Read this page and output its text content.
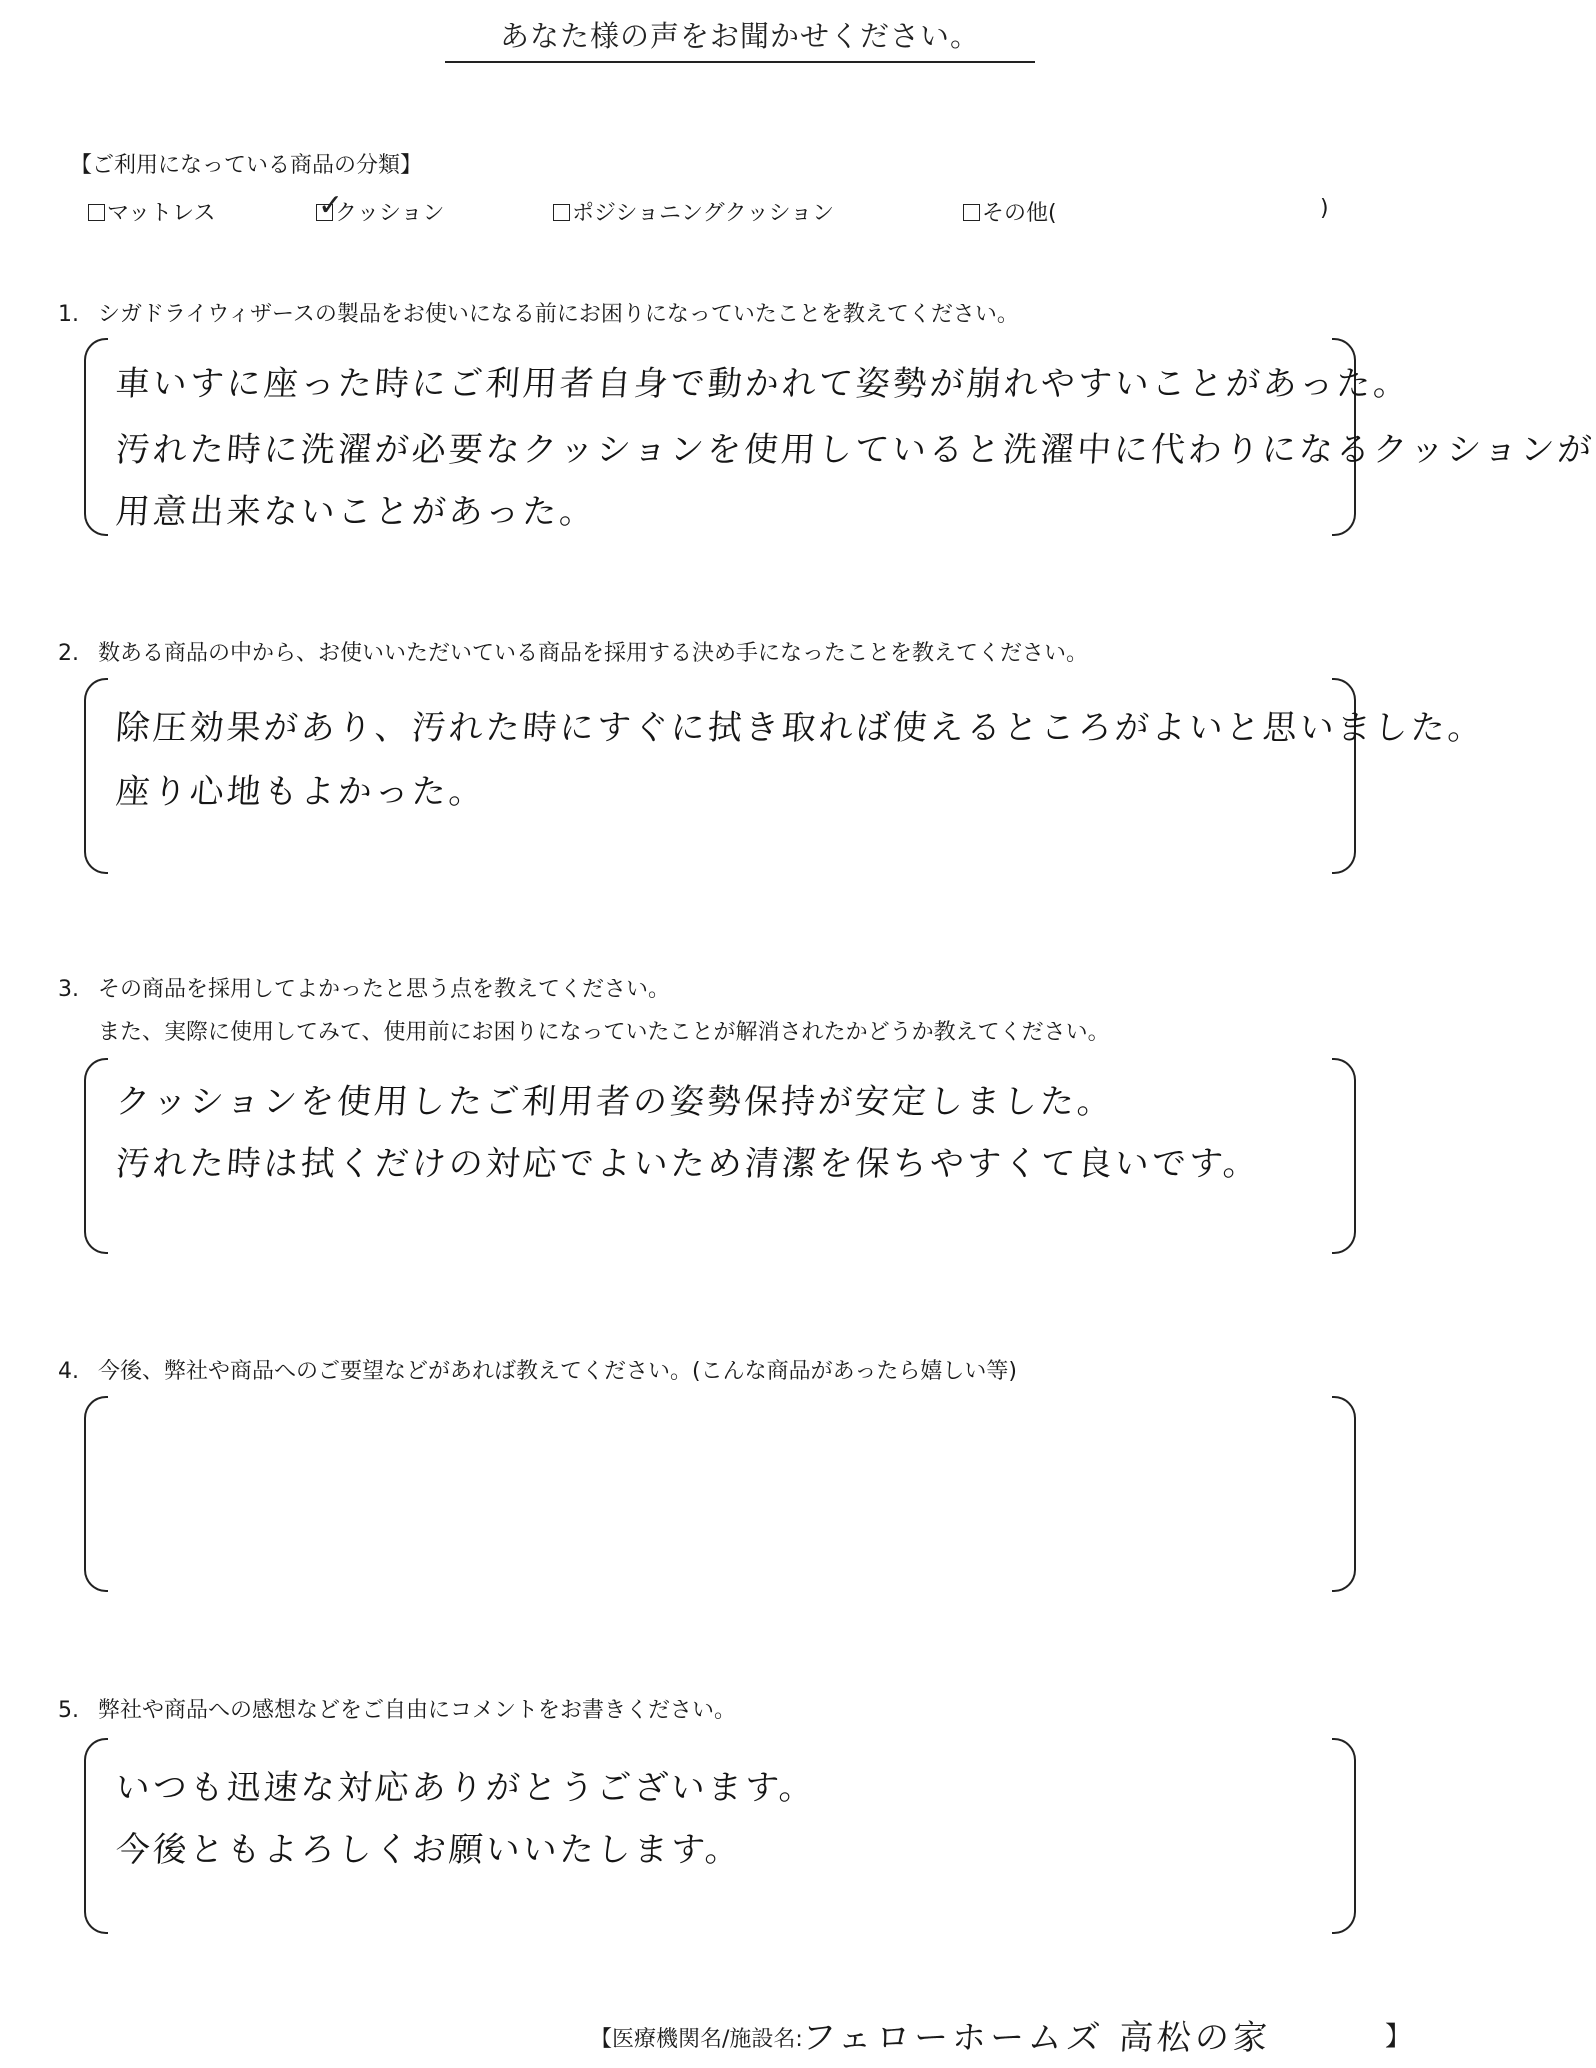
あなた様の声をお聞かせください。
【ご利用になっている商品の分類】
マットレス	✓
クッション	ポジショニングクッション	その他(	)
1. シガドライウィザースの製品をお使いになる前にお困りになっていたことを教えてください。
車いすに座った時にご利用者自身で動かれて姿勢が崩れやすいことがあった。
汚れた時に洗濯が必要なクッションを使用していると洗濯中に代わりになるクッションが
用意出来ないことがあった。
2. 数ある商品の中から、お使いいただいている商品を採用する決め手になったことを教えてください。
除圧効果があり、汚れた時にすぐに拭き取れば使えるところがよいと思いました。
座り心地もよかった。
3. その商品を採用してよかったと思う点を教えてください。
また、実際に使用してみて、使用前にお困りになっていたことが解消されたかどうか教えてください。
クッションを使用したご利用者の姿勢保持が安定しました。
汚れた時は拭くだけの対応でよいため清潔を保ちやすくて良いです。
4. 今後、弊社や商品へのご要望などがあれば教えてください。(こんな商品があったら嬉しい等)
5. 弊社や商品への感想などをご自由にコメントをお書きください。
いつも迅速な対応ありがとうございます。
今後ともよろしくお願いいたします。
【医療機関名/施設名:
フェローホームズ 高松の家	】
